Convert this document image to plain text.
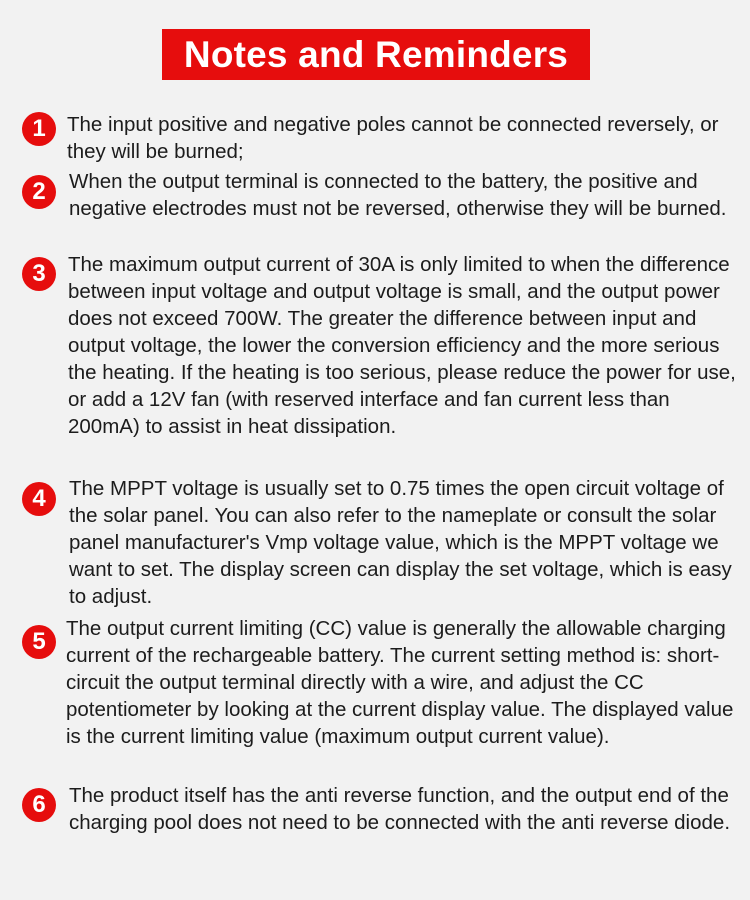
Notes and Reminders
1	The input positive and negative poles cannot be connected reversely, or they will be burned;

2	When the output terminal is connected to the battery, the positive and negative electrodes must not be reversed, otherwise they will be burned.

3	The maximum output current of 30A is only limited to when the difference between input voltage and output voltage is small, and the output power does not exceed 700W. The greater the difference between input and output voltage, the lower the conversion efficiency and the more serious the heating. If the heating is too serious, please reduce the power for use, or add a 12V fan (with reserved interface and fan current less than 200mA) to assist in heat dissipation.

4	The MPPT voltage is usually set to 0.75 times the open circuit voltage of the solar panel. You can also refer to the nameplate or consult the solar panel manufacturer's Vmp voltage value, which is the MPPT voltage we want to set. The display screen can display the set voltage, which is easy to adjust.

5 The output current limiting (CC) value is generally the allowable charging current of the rechargeable battery. The current setting method is: short-circuit the output terminal directly with a wire, and adjust the CC potentiometer by looking at the current display value. The displayed value is the current limiting value (maximum output current value).

6	The product itself has the anti reverse function, and the output end of the charging pool does not need to be connected with the anti reverse diode.
